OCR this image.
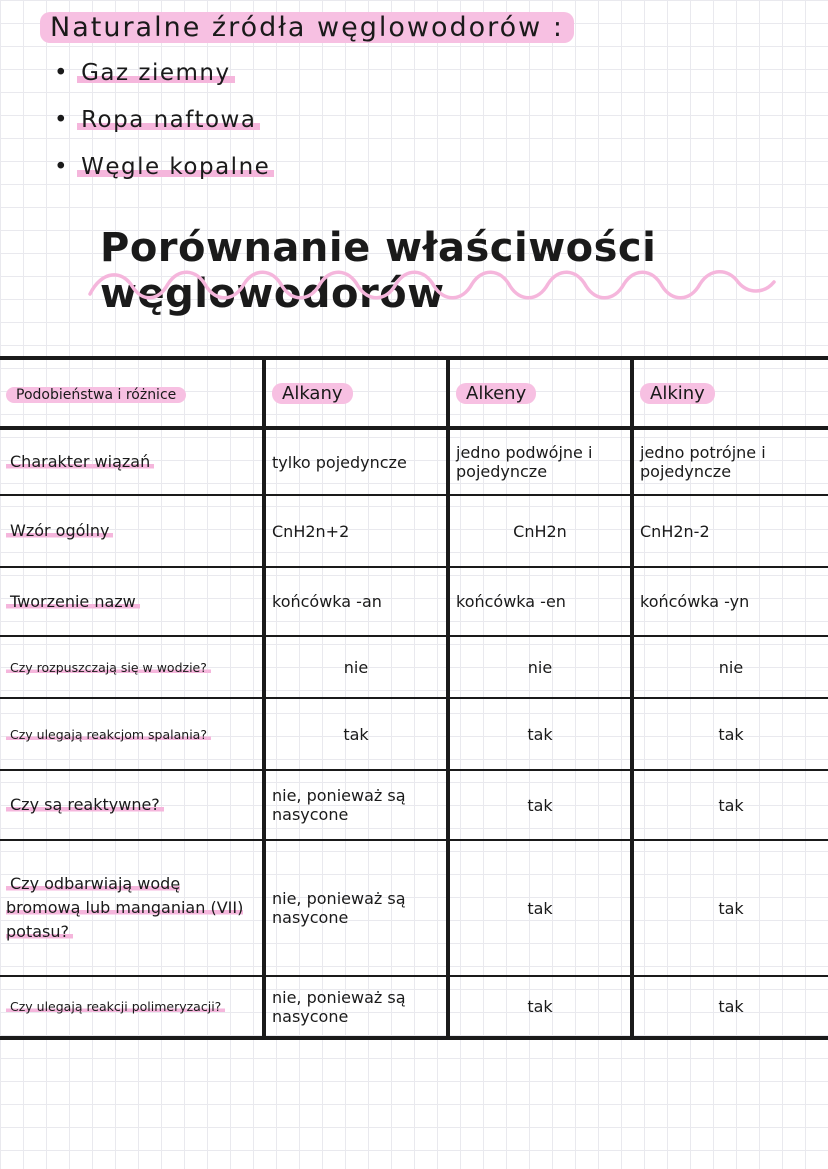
Naturalne źródła węglowodorów :
• Gaz ziemny
• Ropa naftowa
• Węgle kopalne
Porównanie właściwości węglowodorów
Podobieństwa i różnice	Alkany	Alkeny	Alkiny
Charakter wiązań	tylko pojedyncze	jedno podwójne i pojedyncze	jedno potrójne i pojedyncze
Wzór ogólny	CnH2n+2	CnH2n	CnH2n-2
Tworzenie nazw	końcówka -an	końcówka -en	końcówka -yn
Czy rozpuszczają się w wodzie?	nie	nie	nie
Czy ulegają reakcjom spalania?	tak	tak	tak
Czy są reaktywne?	nie, ponieważ są nasycone	tak	tak
Czy odbarwiają wodę bromową lub manganian (VII) potasu?	nie, ponieważ są nasycone	tak	tak
Czy ulegają reakcji polimeryzacji?	nie, ponieważ są nasycone	tak	tak
